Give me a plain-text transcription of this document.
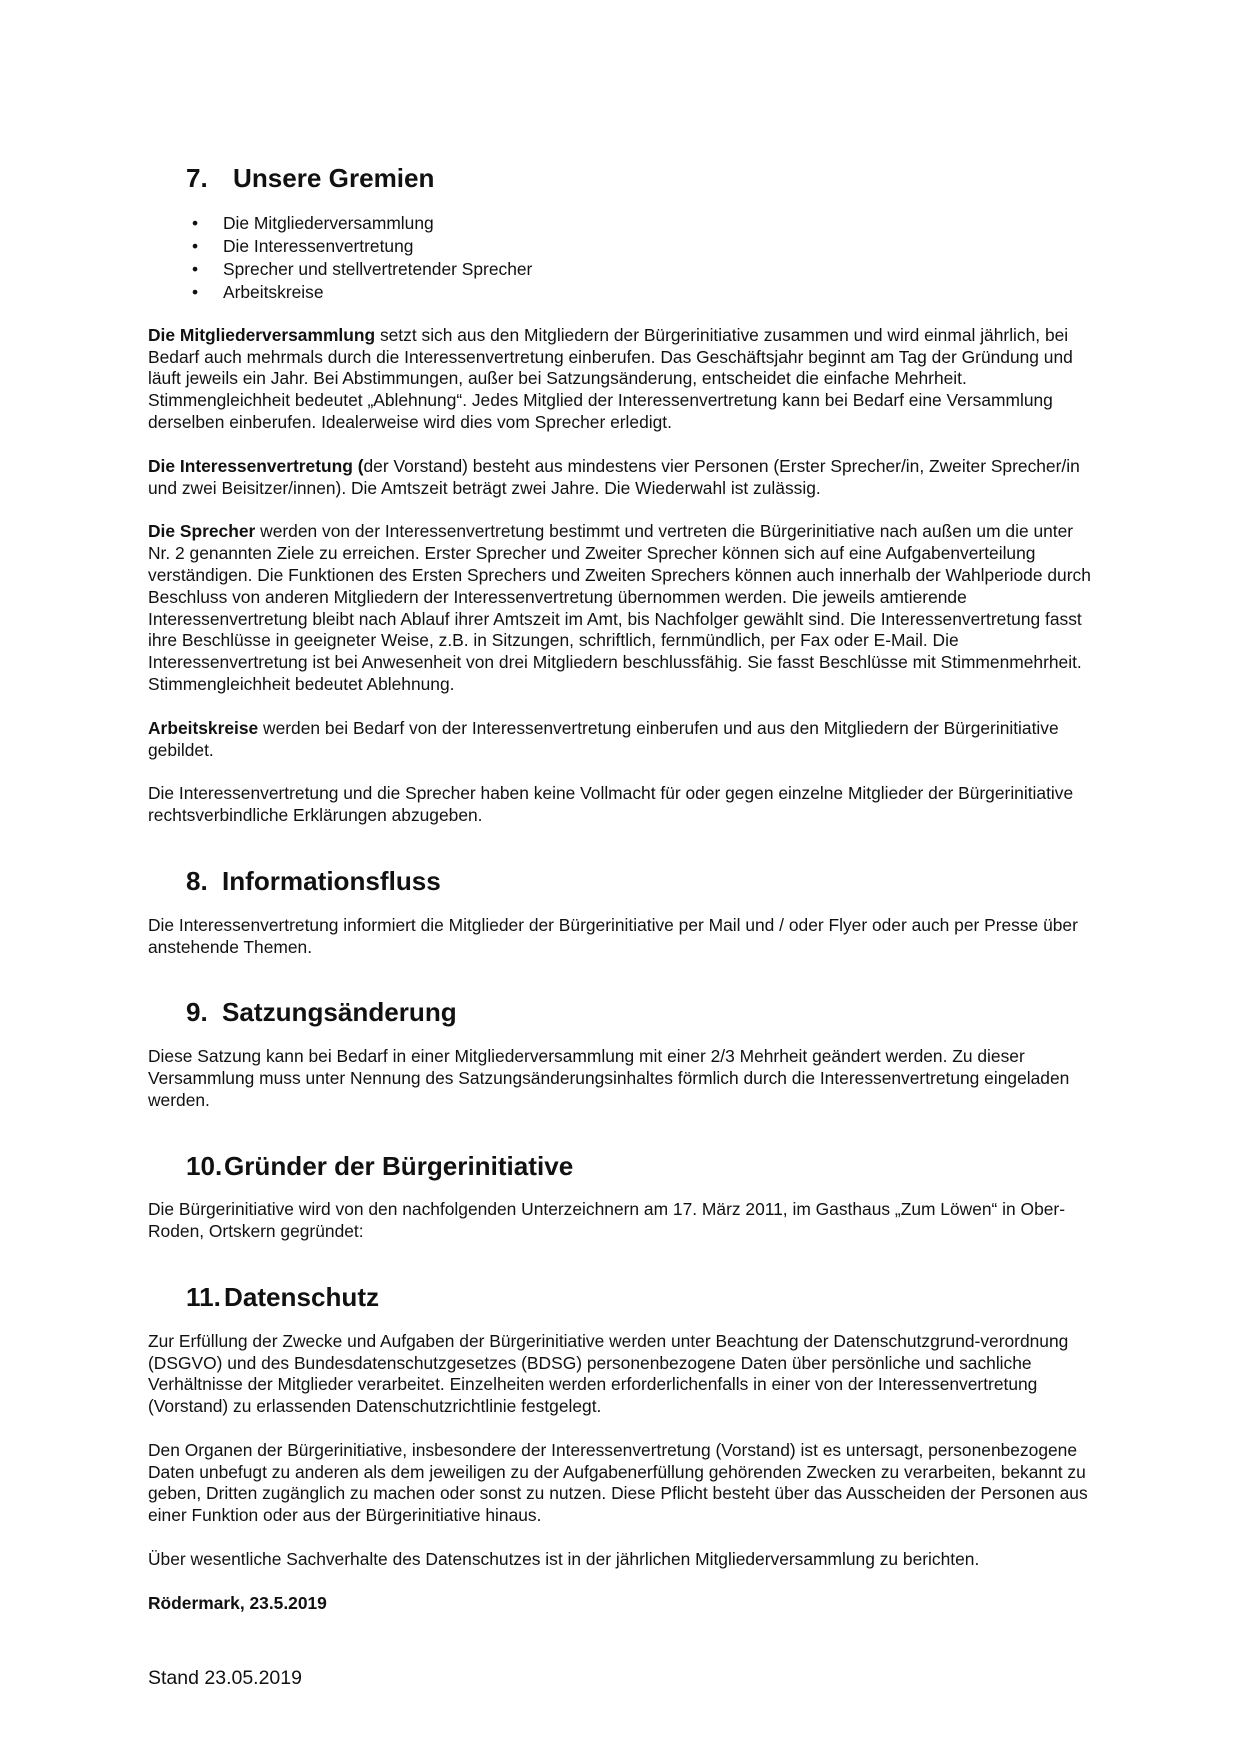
7. Unsere Gremien
• Die Mitgliederversammlung
• Die Interessenvertretung
• Sprecher und stellvertretender Sprecher
• Arbeitskreise

Die Mitgliederversammlung setzt sich aus den Mitgliedern der Bürgerinitiative zusammen und wird einmal jährlich, bei Bedarf auch mehrmals durch die Interessenvertretung einberufen. Das Geschäftsjahr beginnt am Tag der Gründung und läuft jeweils ein Jahr. Bei Abstimmungen, außer bei Satzungsänderung, entscheidet die einfache Mehrheit. Stimmengleichheit bedeutet „Ablehnung“. Jedes Mitglied der Interessenvertretung kann bei Bedarf eine Versammlung derselben einberufen. Idealerweise wird dies vom Sprecher erledigt.

Die Interessenvertretung (der Vorstand) besteht aus mindestens vier Personen (Erster Sprecher/in, Zweiter Sprecher/in und zwei Beisitzer/innen). Die Amtszeit beträgt zwei Jahre. Die Wiederwahl ist zulässig.

Die Sprecher werden von der Interessenvertretung bestimmt und vertreten die Bürgerinitiative nach außen um die unter Nr. 2 genannten Ziele zu erreichen. Erster Sprecher und Zweiter Sprecher können sich auf eine Aufgabenverteilung verständigen. Die Funktionen des Ersten Sprechers und Zweiten Sprechers können auch innerhalb der Wahlperiode durch Beschluss von anderen Mitgliedern der Interessenvertretung übernommen werden. Die jeweils amtierende Interessenvertretung bleibt nach Ablauf ihrer Amtszeit im Amt, bis Nachfolger gewählt sind. Die Interessenvertretung fasst ihre Beschlüsse in geeigneter Weise, z.B. in Sitzungen, schriftlich, fernmündlich, per Fax oder E-Mail. Die Interessenvertretung ist bei Anwesenheit von drei Mitgliedern beschlussfähig. Sie fasst Beschlüsse mit Stimmenmehrheit. Stimmengleichheit bedeutet Ablehnung.

Arbeitskreise werden bei Bedarf von der Interessenvertretung einberufen und aus den Mitgliedern der Bürgerinitiative gebildet.

Die Interessenvertretung und die Sprecher haben keine Vollmacht für oder gegen einzelne Mitglieder der Bürgerinitiative rechtsverbindliche Erklärungen abzugeben.

8. Informationsfluss

Die Interessenvertretung informiert die Mitglieder der Bürgerinitiative per Mail und / oder Flyer oder auch per Presse über anstehende Themen.

9. Satzungsänderung

Diese Satzung kann bei Bedarf in einer Mitgliederversammlung mit einer 2/3 Mehrheit geändert werden. Zu dieser Versammlung muss unter Nennung des Satzungsänderungsinhaltes förmlich durch die Interessenvertretung eingeladen werden.

10. Gründer der Bürgerinitiative

Die Bürgerinitiative wird von den nachfolgenden Unterzeichnern am 17. März 2011, im Gasthaus „Zum Löwen“ in Ober-Roden, Ortskern gegründet:

11. Datenschutz

Zur Erfüllung der Zwecke und Aufgaben der Bürgerinitiative werden unter Beachtung der Datenschutzgrund-verordnung (DSGVO) und des Bundesdatenschutzgesetzes (BDSG) personenbezogene Daten über persönliche und sachliche Verhältnisse der Mitglieder verarbeitet. Einzelheiten werden erforderlichenfalls in einer von der Interessenvertretung (Vorstand) zu erlassenden Datenschutzrichtlinie festgelegt.

Den Organen der Bürgerinitiative, insbesondere der Interessenvertretung (Vorstand) ist es untersagt, personenbezogene Daten unbefugt zu anderen als dem jeweiligen zu der Aufgabenerfüllung gehörenden Zwecken zu verarbeiten, bekannt zu geben, Dritten zugänglich zu machen oder sonst zu nutzen. Diese Pflicht besteht über das Ausscheiden der Personen aus einer Funktion oder aus der Bürgerinitiative hinaus.

Über wesentliche Sachverhalte des Datenschutzes ist in der jährlichen Mitgliederversammlung zu berichten.

Rödermark, 23.5.2019

Stand 23.05.2019
